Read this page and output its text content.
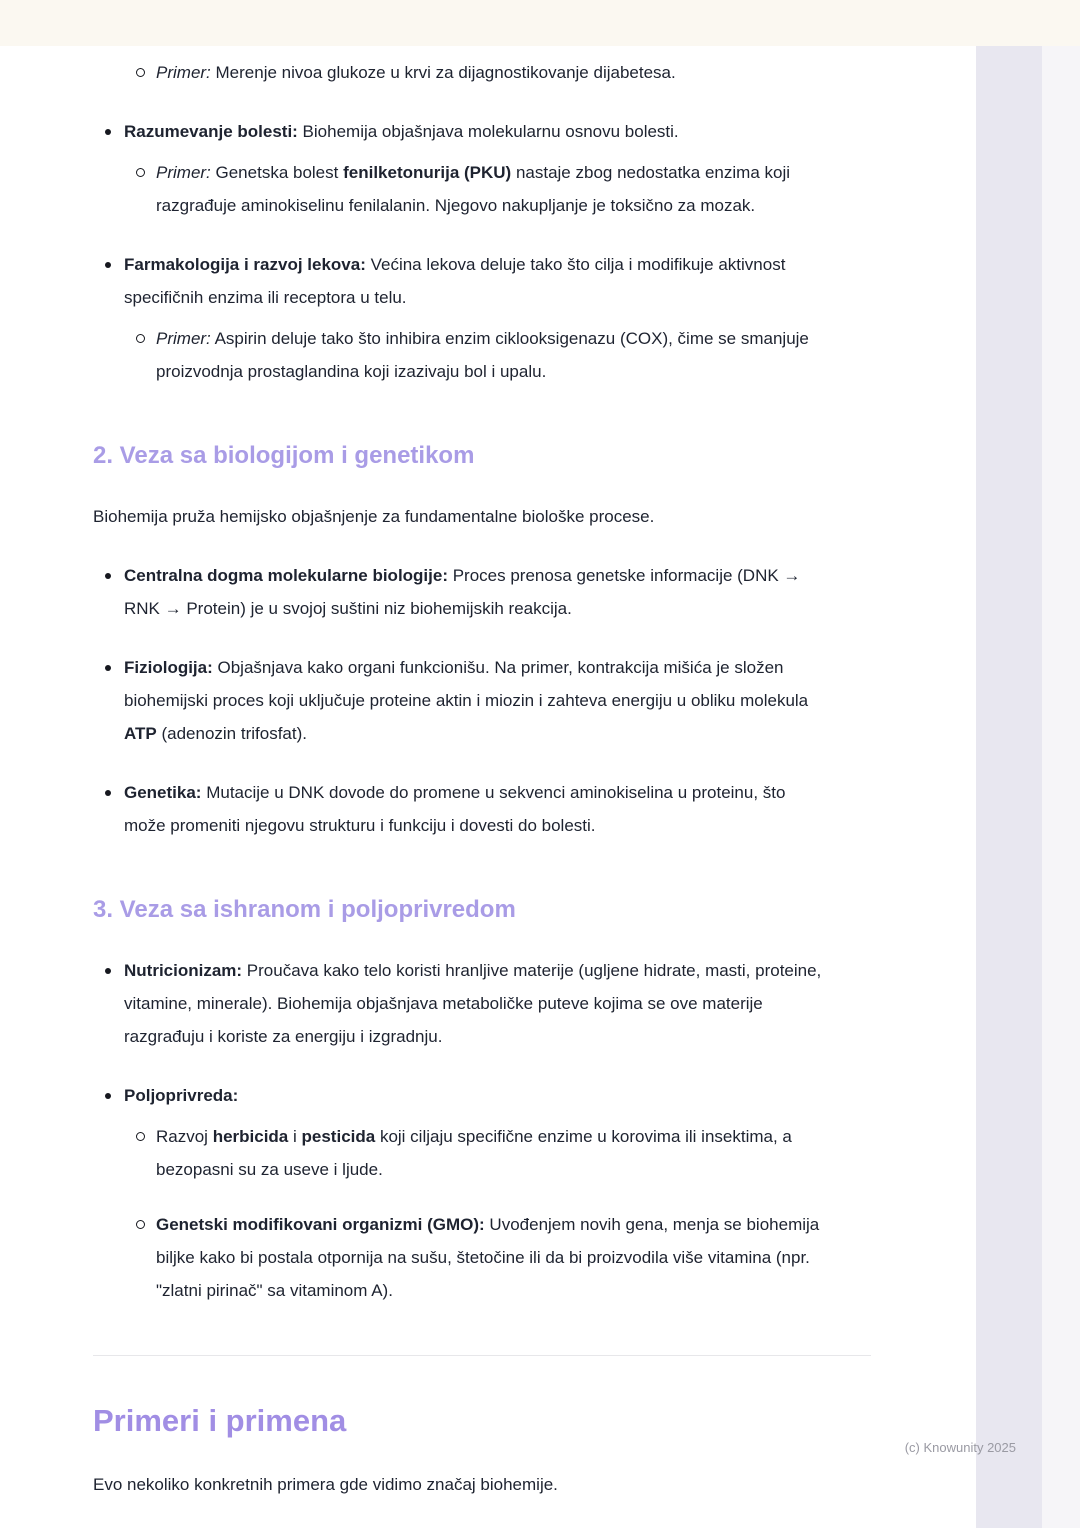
Primer: Merenje nivoa glukoze u krvi za dijagnostikovanje dijabetesa.
Razumevanje bolesti: Biohemija objašnjava molekularnu osnovu bolesti.
Primer: Genetska bolest fenilketonurija (PKU) nastaje zbog nedostatka enzima koji razgrađuje aminokiselinu fenilalanin. Njegovo nakupljanje je toksično za mozak.
Farmakologija i razvoj lekova: Većina lekova deluje tako što cilja i modifikuje aktivnost specifičnih enzima ili receptora u telu.
Primer: Aspirin deluje tako što inhibira enzim ciklooksigenazu (COX), čime se smanjuje proizvodnja prostaglandina koji izazivaju bol i upalu.
2. Veza sa biologijom i genetikom

Biohemija pruža hemijsko objašnjenje za fundamentalne biološke procese.

Centralna dogma molekularne biologije: Proces prenosa genetske informacije (DNK → RNK → Protein) je u svojoj suštini niz biohemijskih reakcija.
Fiziologija: Objašnjava kako organi funkcionišu. Na primer, kontrakcija mišića je složen biohemijski proces koji uključuje proteine aktin i miozin i zahteva energiju u obliku molekula ATP (adenozin trifosfat).
Genetika: Mutacije u DNK dovode do promene u sekvenci aminokiselina u proteinu, što može promeniti njegovu strukturu i funkciju i dovesti do bolesti.
3. Veza sa ishranom i poljoprivredom
Nutricionizam: Proučava kako telo koristi hranljive materije (ugljene hidrate, masti, proteine, vitamine, minerale). Biohemija objašnjava metaboličke puteve kojima se ove materije razgrađuju i koriste za energiju i izgradnju.
Poljoprivreda:
Razvoj herbicida i pesticida koji ciljaju specifične enzime u korovima ili insektima, a bezopasni su za useve i ljude.
Genetski modifikovani organizmi (GMO): Uvođenjem novih gena, menja se biohemija biljke kako bi postala otpornija na sušu, štetočine ili da bi proizvodila više vitamina (npr. "zlatni pirinač" sa vitaminom A).
Primeri i primena

Evo nekoliko konkretnih primera gde vidimo značaj biohemije.

(c) Knowunity 2025
